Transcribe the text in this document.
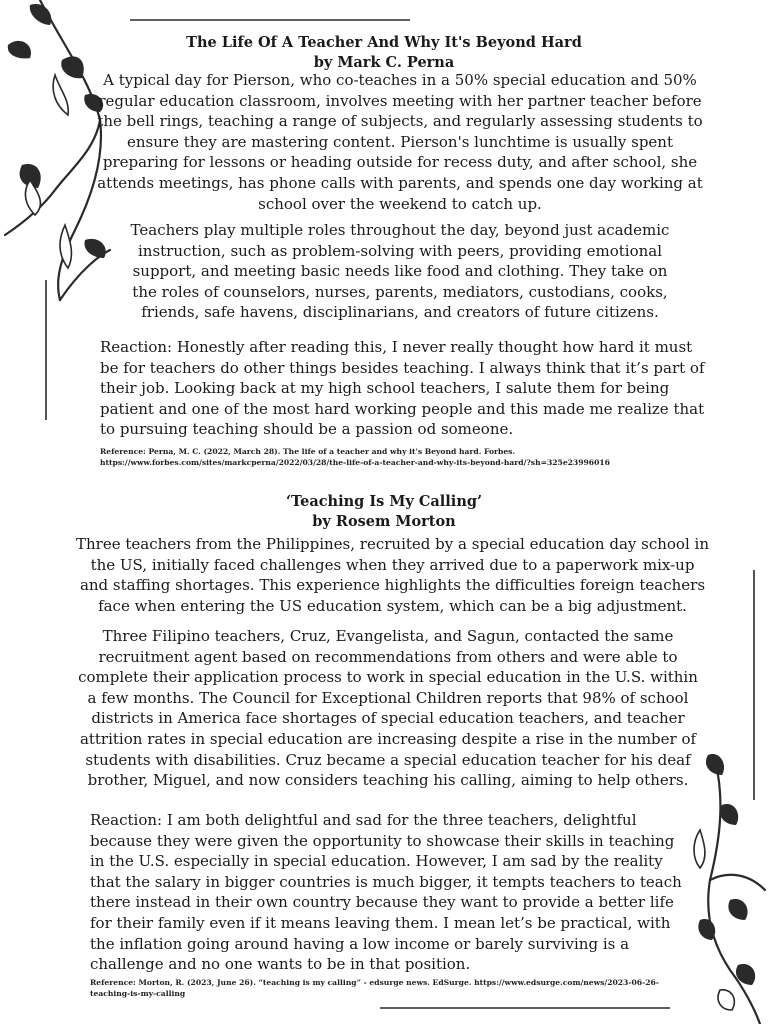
The Life Of A Teacher And Why It's Beyond Hard
by Mark C. Perna

A typical day for Pierson, who co-teaches in a 50% special education and 50% regular education classroom, involves meeting with her partner teacher before the bell rings, teaching a range of subjects, and regularly assessing students to ensure they are mastering content. Pierson's lunchtime is usually spent preparing for lessons or heading outside for recess duty, and after school, she attends meetings, has phone calls with parents, and spends one day working at school over the weekend to catch up.

Teachers play multiple roles throughout the day, beyond just academic instruction, such as problem-solving with peers, providing emotional support, and meeting basic needs like food and clothing. They take on the roles of counselors, nurses, parents, mediators, custodians, cooks, friends, safe havens, disciplinarians, and creators of future citizens.

Reaction: Honestly after reading this, I never really thought how hard it must be for teachers do other things besides teaching. I always think that it’s part of their job. Looking back at my high school teachers, I salute them for being patient and one of the most hard working people and this made me realize that to pursuing teaching should be a passion od someone.

Reference: Perna, M. C. (2022, March 28). The life of a teacher and why it's Beyond hard. Forbes. https://www.forbes.com/sites/markcperna/2022/03/28/the-life-of-a-teacher-and-why-its-beyond-hard/?sh=325e23996016

‘Teaching Is My Calling’
by Rosem Morton

Three teachers from the Philippines, recruited by a special education day school in the US, initially faced challenges when they arrived due to a paperwork mix-up and staffing shortages. This experience highlights the difficulties foreign teachers face when entering the US education system, which can be a big adjustment.

Three Filipino teachers, Cruz, Evangelista, and Sagun, contacted the same recruitment agent based on recommendations from others and were able to complete their application process to work in special education in the U.S. within a few months. The Council for Exceptional Children reports that 98% of school districts in America face shortages of special education teachers, and teacher attrition rates in special education are increasing despite a rise in the number of students with disabilities. Cruz became a special education teacher for his deaf brother, Miguel, and now considers teaching his calling, aiming to help others.

Reaction: I am both delightful and sad for the three teachers, delightful because they were given the opportunity to showcase their skills in teaching in the U.S. especially in special education. However, I am sad by the reality that the salary in bigger countries is much bigger, it tempts teachers to teach there instead in their own country because they want to provide a better life for their family even if it means leaving them. I mean let’s be practical, with the inflation going around having a low income or barely surviving is a challenge and no one wants to be in that position.

Reference: Morton, R. (2023, June 26). “teaching is my calling” - edsurge news. EdSurge. https://www.edsurge.com/news/2023-06-26-teaching-is-my-calling
